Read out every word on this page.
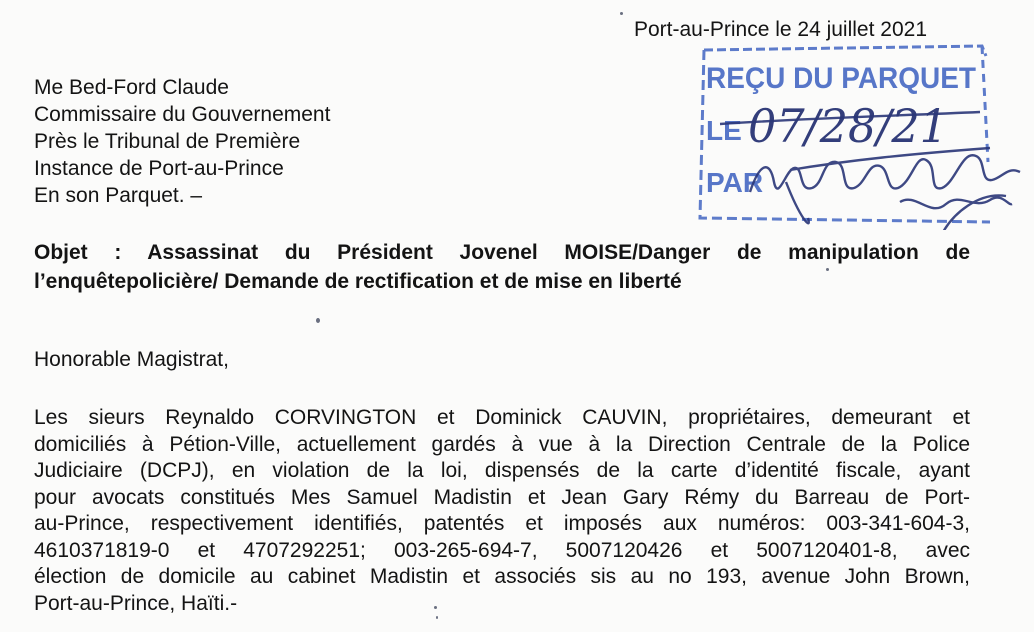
Port-au-Prince le 24 juillet 2021
Me Bed-Ford Claude
Commissaire du Gouvernement
Près le Tribunal de Première
Instance de Port-au-Prince
En son Parquet. –
REÇU DU PARQUET
LE 07/28/21
PAR
Objet : Assassinat du Président Jovenel MOISE/Danger de manipulation de
l’enquêtepolicière/ Demande de rectification et de mise en liberté
Honorable Magistrat,
Les sieurs Reynaldo CORVINGTON et Dominick CAUVIN, propriétaires, demeurant et
domiciliés à Pétion-Ville, actuellement gardés à vue à la Direction Centrale de la Police
Judiciaire (DCPJ), en violation de la loi, dispensés de la carte d’identité fiscale, ayant
pour avocats constitués Mes Samuel Madistin et Jean Gary Rémy du Barreau de Port-
au-Prince, respectivement identifiés, patentés et imposés aux numéros: 003-341-604-3,
4610371819-0 et 4707292251; 003-265-694-7, 5007120426 et 5007120401-8, avec
élection de domicile au cabinet Madistin et associés sis au no 193, avenue John Brown,
Port-au-Prince, Haïti.-
